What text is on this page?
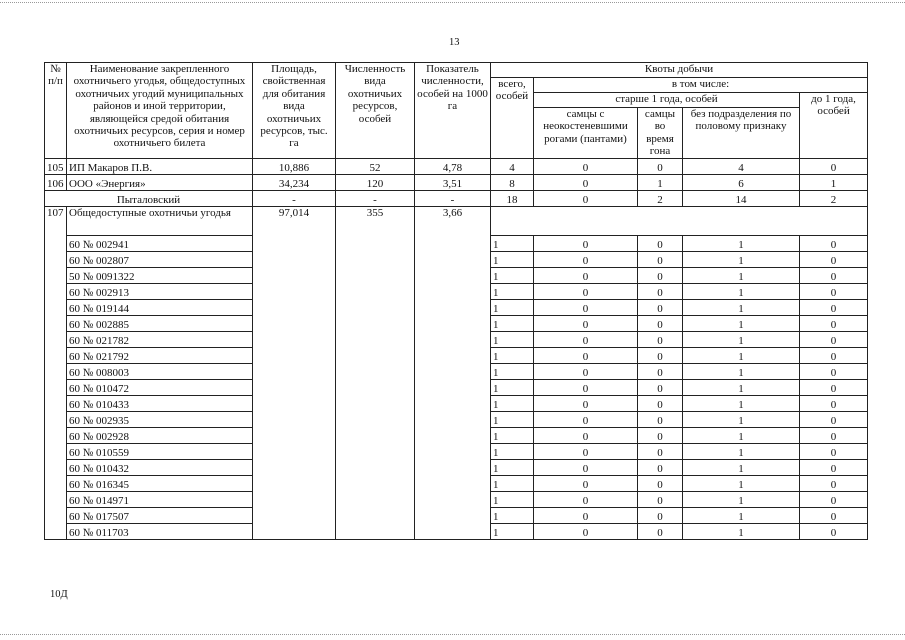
13
№ п/п	Наименование закрепленного охотничьего угодья, общедоступных охотничьих угодий муниципальных районов и иной территории, являющейся средой обитания охотничьих ресурсов, серия и номер охотничьего билета	Площадь, свойственная для обитания вида охотничьих ресурсов, тыс. га	Численность вида охотничьих ресурсов, особей	Показатель численности, особей на 1000 га	Квоты добычи				
					всего, особей	в том числе:			
						старше 1 года, особей			до 1 года, особей
						самцы с неокостеневшими рогами (пантами)	самцы во время гона	без подразделения по половому признаку	
105	ИП Макаров П.В.	10,886	52	4,78	4	0	0	4	0
106	ООО «Энергия»	34,234	120	3,51	8	0	1	6	1
Пыталовский		-	-	-	18	0	2	14	2
107	Общедоступные охотничьи угодья	97,014	355	3,66					
	60 № 002941				1	0	0	1	0
	60 № 002807				1	0	0	1	0
	50 № 0091322				1	0	0	1	0
	60 № 002913				1	0	0	1	0
	60 № 019144				1	0	0	1	0
	60 № 002885				1	0	0	1	0
	60 № 021782				1	0	0	1	0
	60 № 021792				1	0	0	1	0
	60 № 008003				1	0	0	1	0
	60 № 010472				1	0	0	1	0
	60 № 010433				1	0	0	1	0
	60 № 002935				1	0	0	1	0
	60 № 002928				1	0	0	1	0
	60 № 010559				1	0	0	1	0
	60 № 010432				1	0	0	1	0
	60 № 016345				1	0	0	1	0
	60 № 014971				1	0	0	1	0
	60 № 017507				1	0	0	1	0
	60 № 011703				1	0	0	1	0
10Д
